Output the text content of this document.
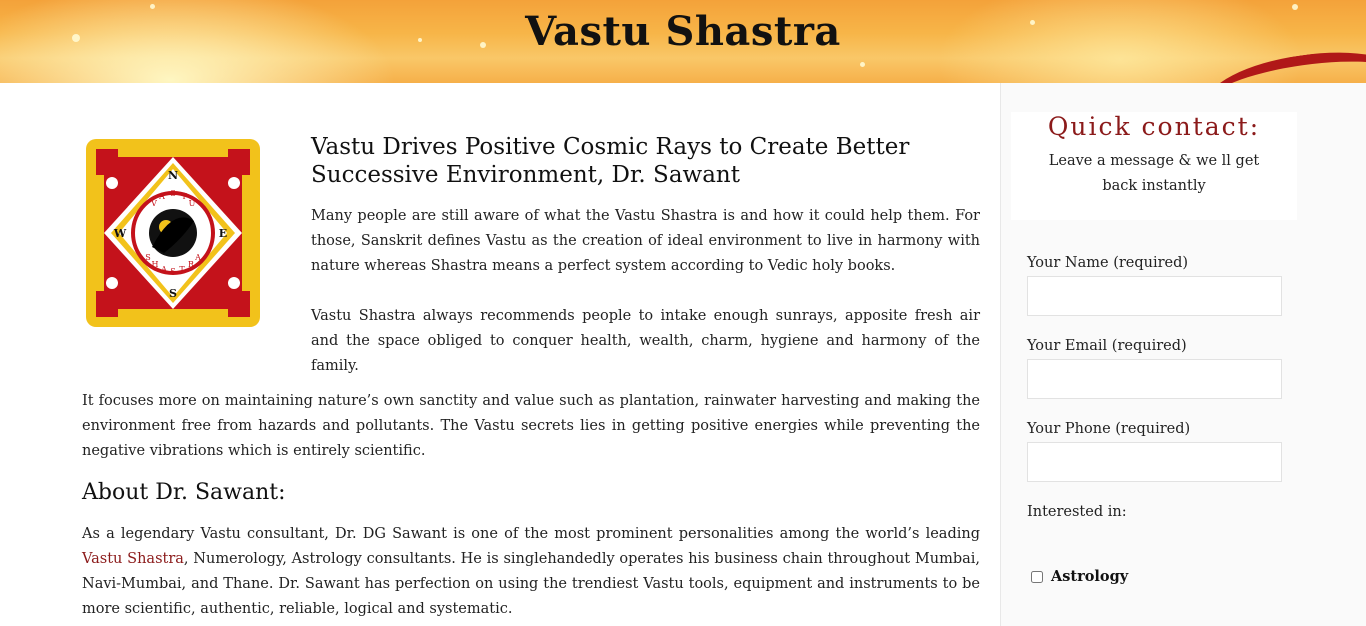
Vastu Shastra
N
E
S
W
V
A S T
U
S
H
A S T
R
A
Vastu Drives Positive Cosmic Rays to Create Better Successive Environment, Dr. Sawant

Many people are still aware of what the Vastu Shastra is and how it could help them. For those, Sanskrit defines Vastu as the creation of ideal environment to live in harmony with nature whereas Shastra means a perfect system according to Vedic holy books.

Vastu Shastra always recommends people to intake enough sunrays, apposite fresh air and the space obliged to conquer health, wealth, charm, hygiene and harmony of the family.

It focuses more on maintaining nature’s own sanctity and value such as plantation, rainwater harvesting and making the environment free from hazards and pollutants. The Vastu secrets lies in getting positive energies while preventing the negative vibrations which is entirely scientific.

About Dr. Sawant:

As a legendary Vastu consultant, Dr. DG Sawant is one of the most prominent personalities among the world’s leading Vastu Shastra, Numerology, Astrology consultants. He is singlehandedly operates his business chain throughout Mumbai, Navi-Mumbai, and Thane. Dr. Sawant has perfection on using the trendiest Vastu tools, equipment and instruments to be more scientific, authentic, reliable, logical and systematic.

Quick contact:

Leave a message & we ll get back instantly

Your Name (required)
Your Email (required)
Your Phone (required)
Interested in:
Astrology
